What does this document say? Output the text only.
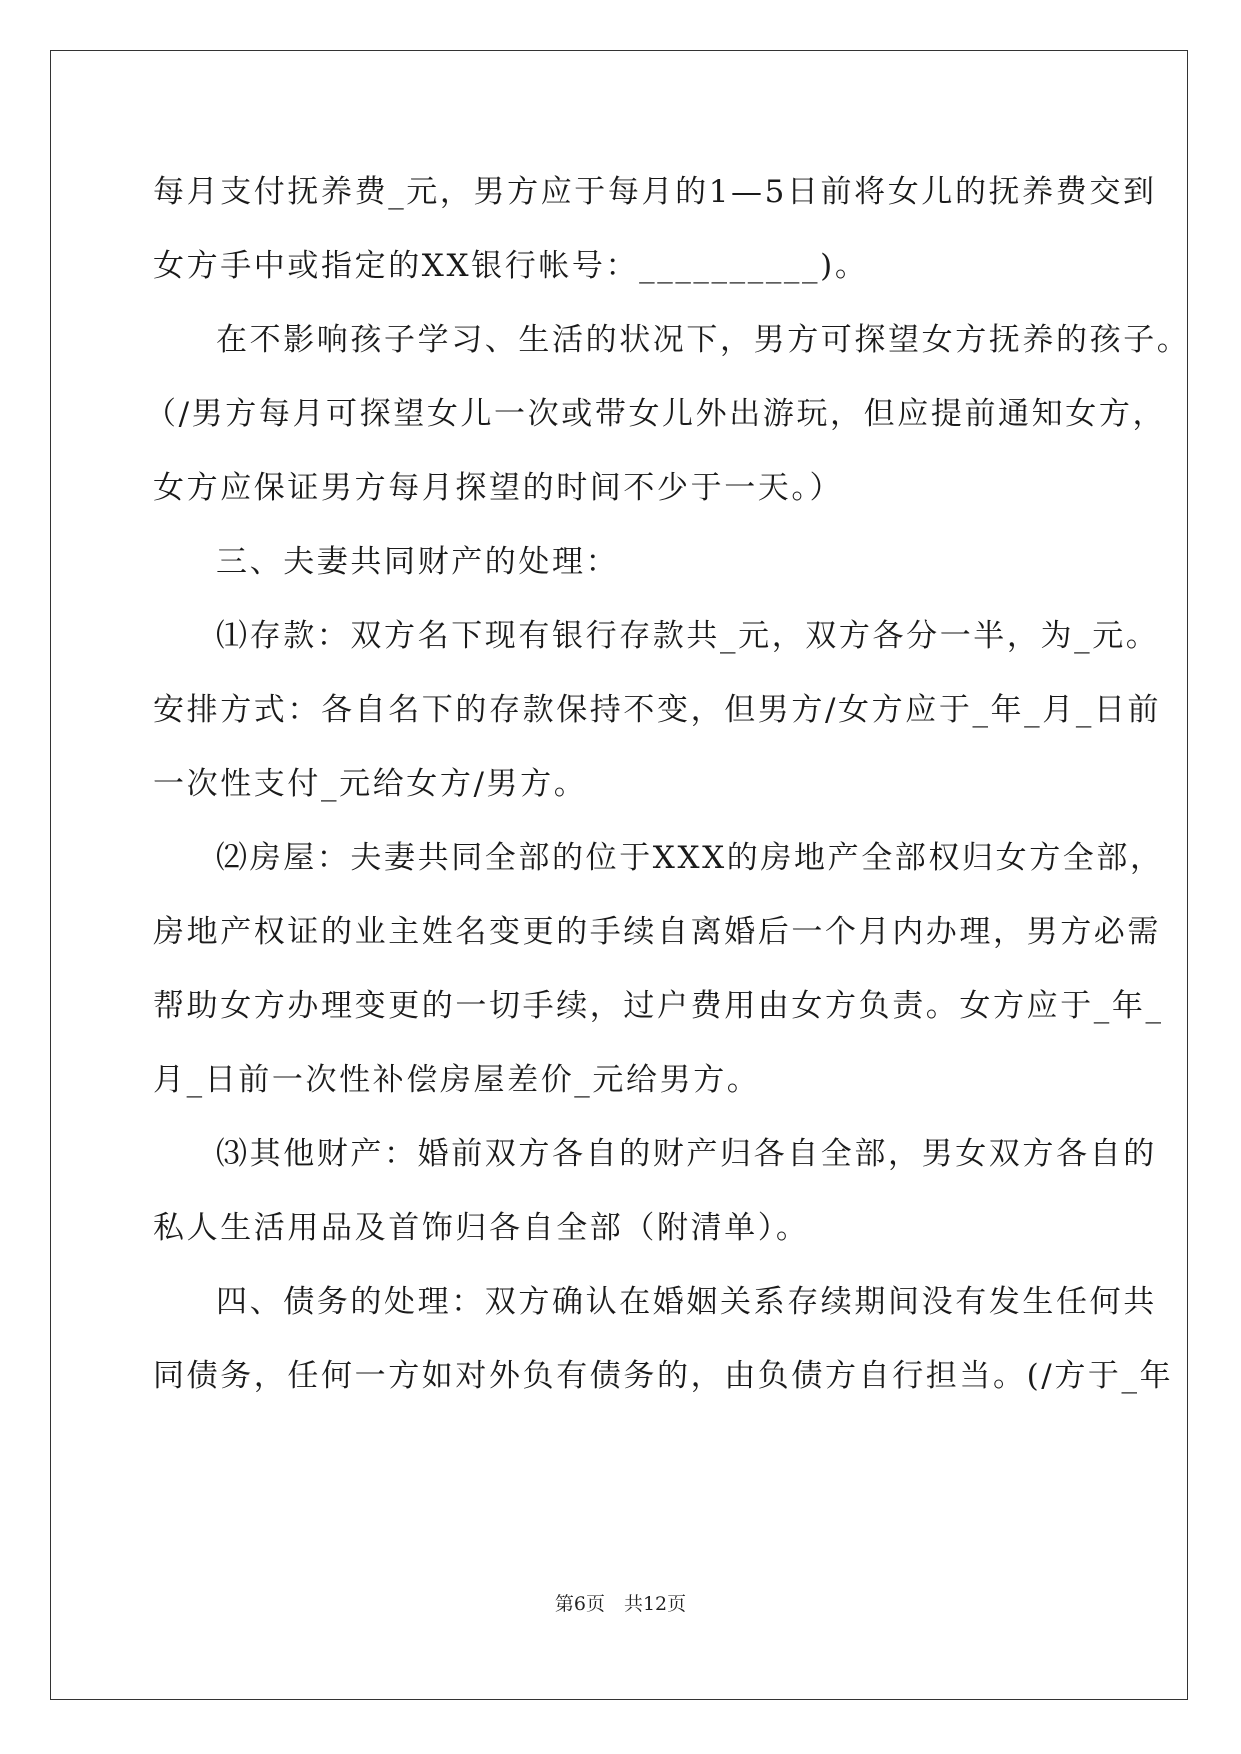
每月支付抚养费_元，男方应于每月的1—5日前将女儿的抚养费交到
女方手中或指定的XX银行帐号：__________)。
在不影响孩子学习、生活的状况下，男方可探望女方抚养的孩子。
（/男方每月可探望女儿一次或带女儿外出游玩，但应提前通知女方，
女方应保证男方每月探望的时间不少于一天。）
三、夫妻共同财产的处理：
⑴存款：双方名下现有银行存款共_元，双方各分一半，为_元。
安排方式：各自名下的存款保持不变，但男方/女方应于_年_月_日前
一次性支付_元给女方/男方。
⑵房屋：夫妻共同全部的位于XXX的房地产全部权归女方全部，
房地产权证的业主姓名变更的手续自离婚后一个月内办理，男方必需
帮助女方办理变更的一切手续，过户费用由女方负责。女方应于_年_
月_日前一次性补偿房屋差价_元给男方。
⑶其他财产：婚前双方各自的财产归各自全部，男女双方各自的
私人生活用品及首饰归各自全部（附清单）。
四、债务的处理：双方确认在婚姻关系存续期间没有发生任何共
同债务，任何一方如对外负有债务的，由负债方自行担当。(/方于_年
第6页　共12页
